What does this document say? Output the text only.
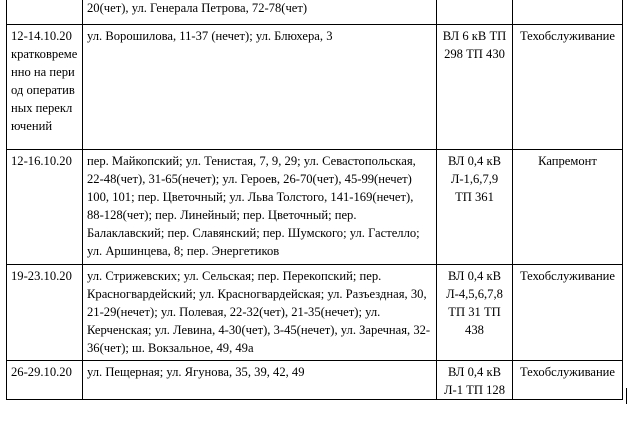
	20(чет), ул. Генерала Петрова, 72-78(чет)		
12-14.10.20 кратковременно на период оперативных переключений	ул. Ворошилова, 11-37 (нечет); ул. Блюхера, 3	ВЛ 6 кВ ТП 298 ТП 430	Техобслуживание
12-16.10.20	пер. Майкопский; ул. Тенистая, 7, 9, 29; ул. Севастопольская, 22-48(чет), 31-65(нечет); ул. Героев, 26-70(чет), 45-99(нечет) 100, 101; пер. Цветочный; ул. Льва Толстого, 141-169(нечет), 88-128(чет); пер. Линейный; пер. Цветочный; пер. Балаклавский; пер. Славянский; пер. Шумского; ул. Гастелло; ул. Аршинцева, 8; пер. Энергетиков	ВЛ 0,4 кВ Л-1,6,7,9 ТП 361	Капремонт
19-23.10.20	ул. Стрижевских; ул. Сельская; пер. Перекопский; пер. Красногвардейский; ул. Красногвардейская; ул. Разъездная, 30, 21-29(нечет); ул. Полевая, 22-32(чет), 21-35(нечет); ул. Керченская; ул. Левина, 4-30(чет), 3-45(нечет), ул. Заречная, 32-36(чет); ш. Вокзальное, 49, 49а	ВЛ 0,4 кВ Л-4,5,6,7,8 ТП 31 ТП 438	Техобслуживание
26-29.10.20	ул. Пещерная; ул. Ягунова, 35, 39, 42, 49	ВЛ 0,4 кВ Л-1 ТП 128	Техобслуживание
